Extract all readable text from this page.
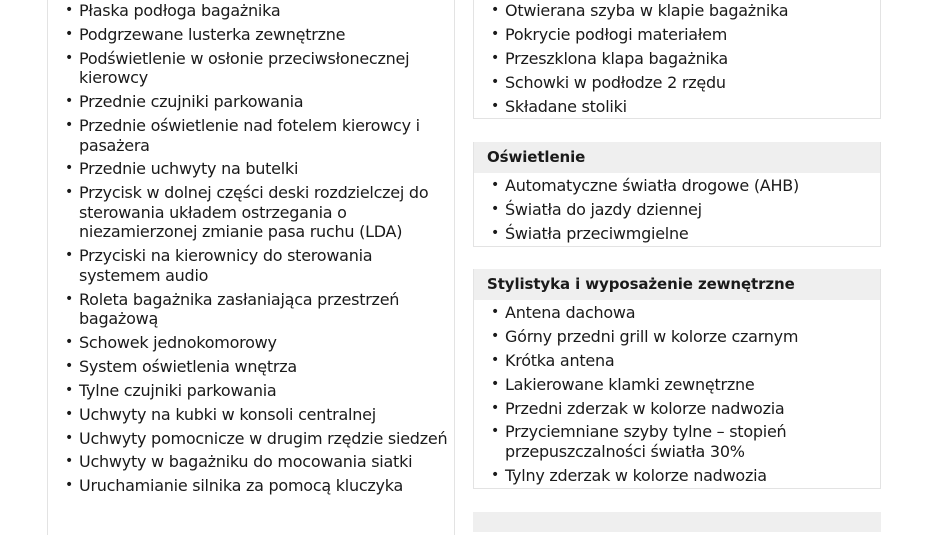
• Płaska podłoga bagażnika
• Podgrzewane lusterka zewnętrzne
• Podświetlenie w osłonie przeciwsłonecznej kierowcy
• Przednie czujniki parkowania
• Przednie oświetlenie nad fotelem kierowcy i pasażera
• Przednie uchwyty na butelki
• Przycisk w dolnej części deski rozdzielczej do sterowania układem ostrzegania o niezamierzonej zmianie pasa ruchu (LDA)
• Przyciski na kierownicy do sterowania systemem audio
• Roleta bagażnika zasłaniająca przestrzeń bagażową
• Schowek jednokomorowy
• System oświetlenia wnętrza
• Tylne czujniki parkowania
• Uchwyty na kubki w konsoli centralnej
• Uchwyty pomocnicze w drugim rzędzie siedzeń
• Uchwyty w bagażniku do mocowania siatki
• Uruchamianie silnika za pomocą kluczyka
• Otwierana szyba w klapie bagażnika
• Pokrycie podłogi materiałem
• Przeszklona klapa bagażnika
• Schowki w podłodze 2 rzędu
• Składane stoliki
Oświetlenie
• Automatyczne światła drogowe (AHB)
• Światła do jazdy dziennej
• Światła przeciwmgielne
Stylistyka i wyposażenie zewnętrzne
• Antena dachowa
• Górny przedni grill w kolorze czarnym
• Krótka antena
• Lakierowane klamki zewnętrzne
• Przedni zderzak w kolorze nadwozia
• Przyciemniane szyby tylne – stopień przepuszczalności światła 30%
• Tylny zderzak w kolorze nadwozia
